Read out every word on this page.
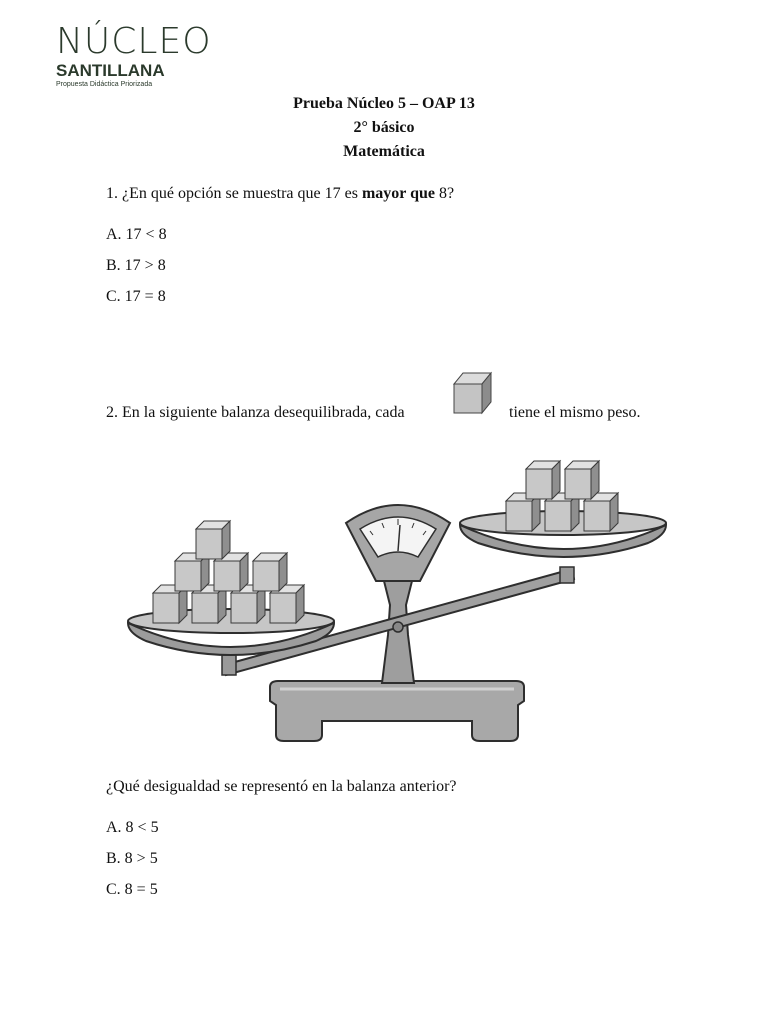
NÚCLEO
SANTILLANA
Propuesta Didáctica Priorizada
Prueba Núcleo 5 – OAP 13
2° básico
Matemática
1. ¿En qué opción se muestra que 17 es mayor que 8?
A. 17 < 8
B. 17 > 8
C. 17 = 8
2. En la siguiente balanza desequilibrada, cada	tiene el mismo peso.
¿Qué desigualdad se representó en la balanza anterior?
A. 8 < 5
B. 8 > 5
C. 8 = 5
